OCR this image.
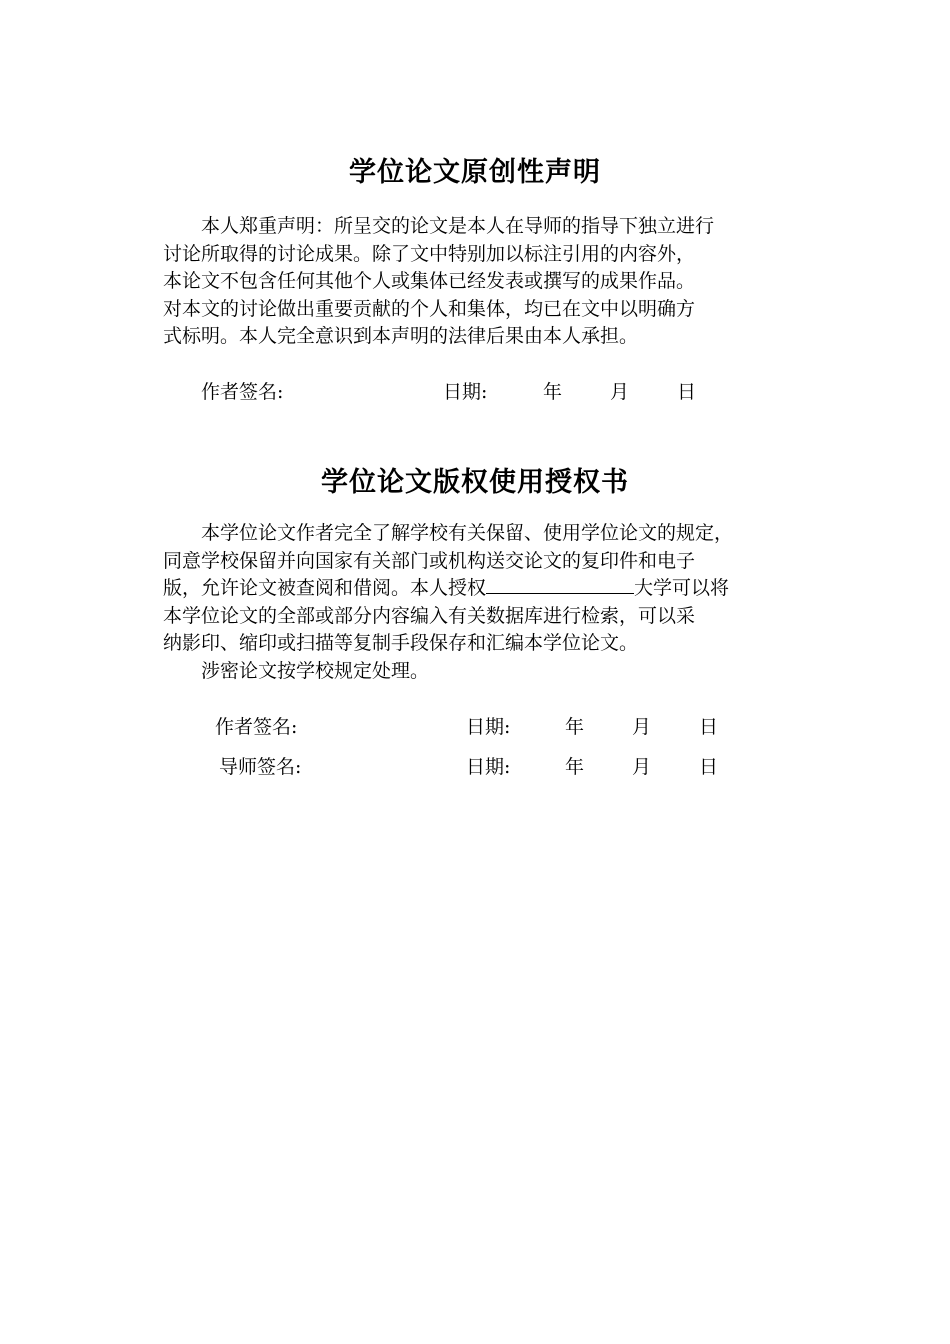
学位论文原创性声明

本人郑重声明：所呈交的论文是本人在导师的指导下独立进行
讨论所取得的讨论成果。除了文中特别加以标注引用的内容外，
本论文不包含任何其他个人或集体已经发表或撰写的成果作品。
对本文的讨论做出重要贡献的个人和集体，均已在文中以明确方
式标明。本人完全意识到本声明的法律后果由本人承担。

作者签名:	日期:	年	月	日
学位论文版权使用授权书

本学位论文作者完全了解学校有关保留、使用学位论文的规定，
同意学校保留并向国家有关部门或机构送交论文的复印件和电子
版，允许论文被查阅和借阅。本人授权	大学可以将
本学位论文的全部或部分内容编入有关数据库进行检索，可以采
纳影印、缩印或扫描等复制手段保存和汇编本学位论文。
涉密论文按学校规定处理。

作者签名:	日期:	年	月	日
导师签名:	日期:	年	月	日
